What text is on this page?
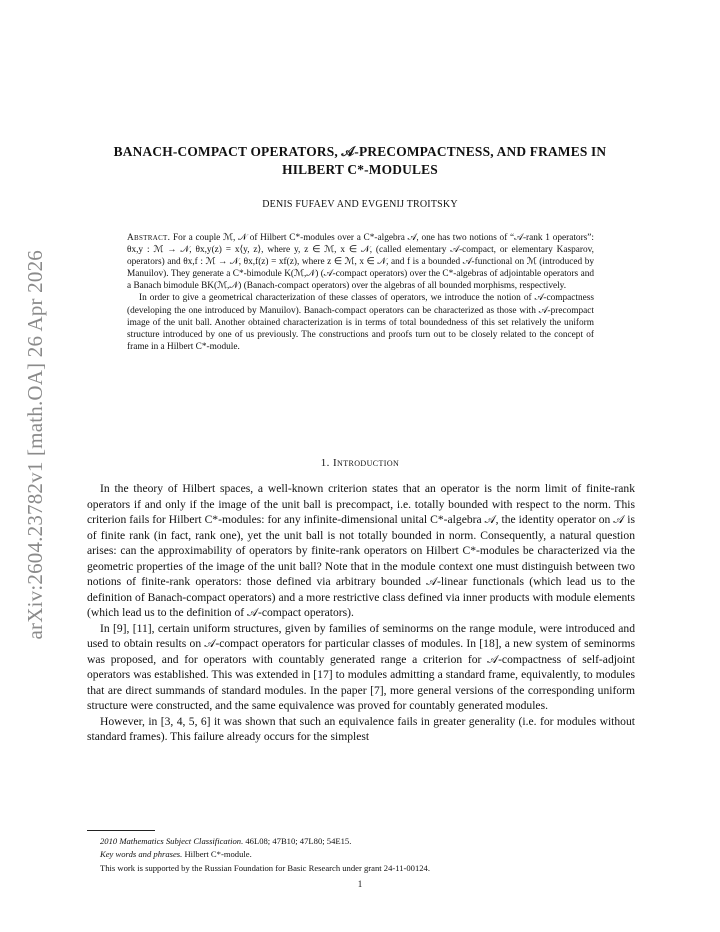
arXiv:2604.23782v1 [math.OA] 26 Apr 2026
BANACH-COMPACT OPERATORS, 𝒜-PRECOMPACTNESS, AND FRAMES IN HILBERT C*-MODULES
DENIS FUFAEV AND EVGENIJ TROITSKY

Abstract. For a couple ℳ, 𝒩 of Hilbert C*-modules over a C*-algebra 𝒜, one has two notions of “𝒜-rank 1 operators”: θx,y : ℳ → 𝒩, θx,y(z) = x⟨y, z⟩, where y, z ∈ ℳ, x ∈ 𝒩, (called elementary 𝒜-compact, or elementary Kasparov, operators) and θx,f : ℳ → 𝒩, θx,f(z) = xf(z), where z ∈ ℳ, x ∈ 𝒩, and f is a bounded 𝒜-functional on ℳ (introduced by Manuilov). They generate a C*-bimodule K(ℳ,𝒩) (𝒜-compact operators) over the C*-algebras of adjointable operators and a Banach bimodule BK(ℳ,𝒩) (Banach-compact operators) over the algebras of all bounded morphisms, respectively.

In order to give a geometrical characterization of these classes of operators, we introduce the notion of 𝒜-compactness (developing the one introduced by Manuilov). Banach-compact operators can be characterized as those with 𝒜-precompact image of the unit ball. Another obtained characterization is in terms of total boundedness of this set relatively the uniform structure introduced by one of us previously. The constructions and proofs turn out to be closely related to the concept of frame in a Hilbert C*-module.

1. Introduction

In the theory of Hilbert spaces, a well-known criterion states that an operator is the norm limit of finite-rank operators if and only if the image of the unit ball is precompact, i.e. totally bounded with respect to the norm. This criterion fails for Hilbert C*-modules: for any infinite-dimensional unital C*-algebra 𝒜, the identity operator on 𝒜 is of finite rank (in fact, rank one), yet the unit ball is not totally bounded in norm. Consequently, a natural question arises: can the approximability of operators by finite-rank operators on Hilbert C*-modules be characterized via the geometric properties of the image of the unit ball? Note that in the module context one must distinguish between two notions of finite-rank operators: those defined via arbitrary bounded 𝒜-linear functionals (which lead us to the definition of Banach-compact operators) and a more restrictive class defined via inner products with module elements (which lead us to the definition of 𝒜-compact operators).

In [9], [11], certain uniform structures, given by families of seminorms on the range module, were introduced and used to obtain results on 𝒜-compact operators for particular classes of modules. In [18], a new system of seminorms was proposed, and for operators with countably generated range a criterion for 𝒜-compactness of self-adjoint operators was established. This was extended in [17] to modules admitting a standard frame, equivalently, to modules that are direct summands of standard modules. In the paper [7], more general versions of the corresponding uniform structure were constructed, and the same equivalence was proved for countably generated modules.

However, in [3, 4, 5, 6] it was shown that such an equivalence fails in greater generality (i.e. for modules without standard frames). This failure already occurs for the simplest

2010 Mathematics Subject Classification. 46L08; 47B10; 47L80; 54E15.
Key words and phrases. Hilbert C*-module.
This work is supported by the Russian Foundation for Basic Research under grant 24-11-00124.
1
